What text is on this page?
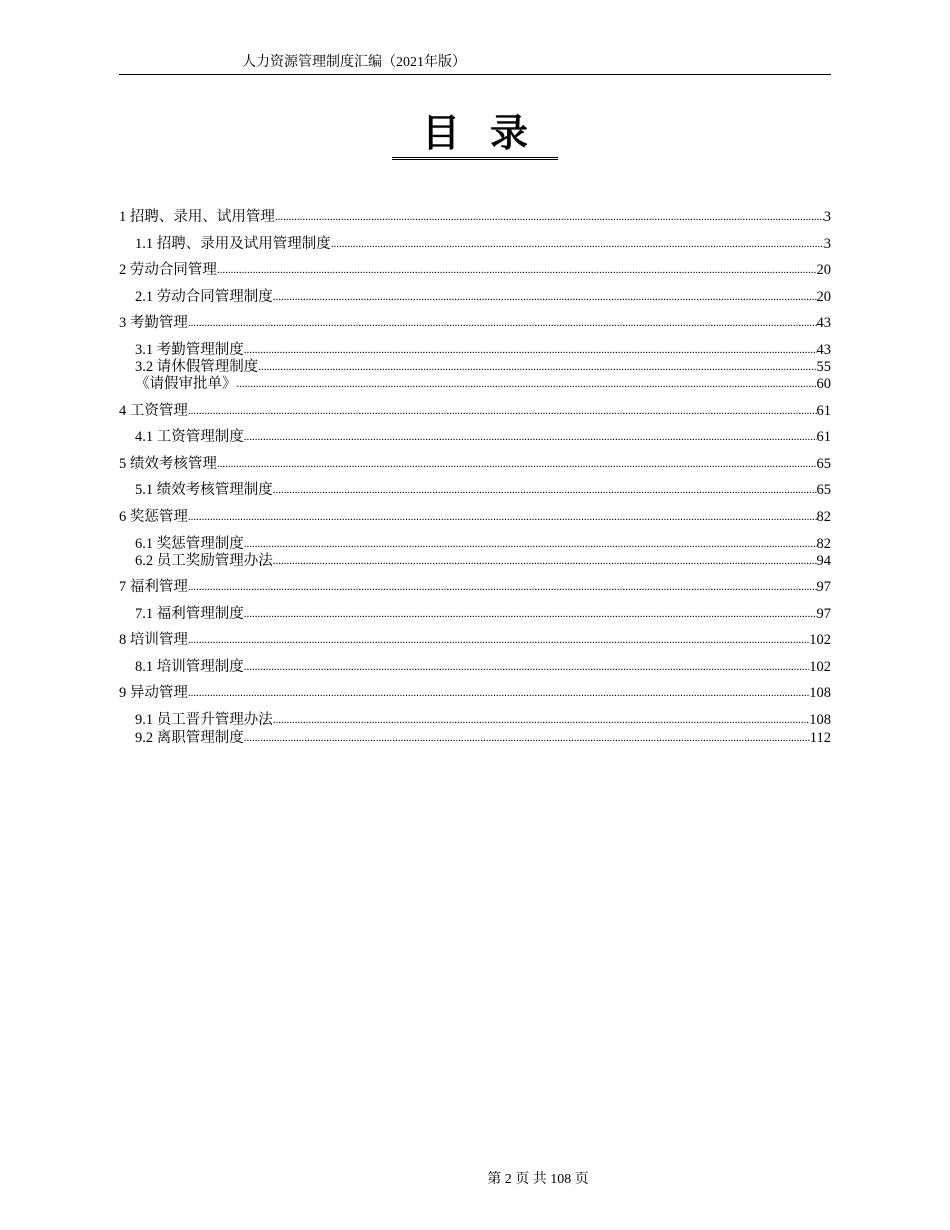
人力资源管理制度汇编（2021年版）
目录
1 招聘、录用、试用管理 .....	3
1.1 招聘、录用及试用管理制度 .....	3
2 劳动合同管理 .....	20
2.1 劳动合同管理制度 .....	20
3 考勤管理 .....	43
3.1 考勤管理制度 .....	43
3.2 请休假管理制度 .....	55
《请假审批单》 .....	60
4 工资管理 .....	61
4.1 工资管理制度 .....	61
5 绩效考核管理 .....	65
5.1 绩效考核管理制度 .....	65
6 奖惩管理 .....	82
6.1 奖惩管理制度 .....	82
6.2 员工奖励管理办法 .....	94
7 福利管理 .....	97
7.1 福利管理制度 .....	97
8 培训管理 .....	102
8.1 培训管理制度 .....	102
9 异动管理 .....	108
9.1 员工晋升管理办法 .....	108
9.2 离职管理制度 .....	112
第 2 页 共 108 页
